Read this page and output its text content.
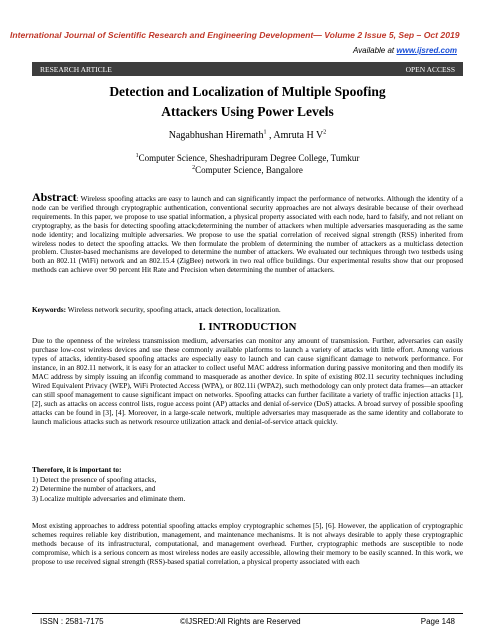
International Journal of Scientific Research and Engineering Development— Volume 2 Issue 5, Sep – Oct 2019
Available at www.ijsred.com
RESEARCH ARTICLE	OPEN ACCESS
Detection and Localization of Multiple Spoofing
Attackers Using Power Levels
Nagabhushan Hiremath$^1$ , Amruta H $V^2$
$^1$Computer Science, Sheshadripuram Degree College, Tumkur
$^2$Computer Science, Bangalore
Abstract: Wireless spoofing attacks are easy to launch and can significantly impact the performance of networks. Although the identity of a node can be verified through cryptographic authentication, conventional security approaches are not always desirable because of their overhead requirements. In this paper, we propose to use spatial information, a physical property associated with each node, hard to falsify, and not reliant on cryptography, as the basis for detecting spoofing attack;determining the number of attackers when multiple adversaries masquerading as the same node identity; and localizing multiple adversaries. We propose to use the spatial correlation of received signal strength (RSS) inherited from wireless nodes to detect the spoofing attacks. We then formulate the problem of determining the number of attackers as a multiclass detection problem. Cluster-based mechanisms are developed to determine the number of attackers. We evaluated our techniques through two testbeds using both an 802.11 (WiFi) network and an 802.15.4 (ZigBee) network in two real office buildings. Our experimental results show that our proposed methods can achieve over 90 percent Hit Rate and Precision when determining the number of attackers.
Keywords: Wireless network security, spoofing attack, attack detection, localization.
I. INTRODUCTION
Due to the openness of the wireless transmission medium, adversaries can monitor any amount of transmission. Further, adversaries can easily purchase low-cost wireless devices and use these commonly available platforms to launch a variety of attacks with little effort. Among various types of attacks, identity-based spoofing attacks are especially easy to launch and can cause significant damage to network performance. For instance, in an 802.11 network, it is easy for an attacker to collect useful MAC address information during passive monitoring and then modify its MAC address by simply issuing an ifconfig command to masquerade as another device. In spite of existing 802.11 security techniques including Wired Equivalent Privacy (WEP), WiFi Protected Access (WPA), or 802.11i (WPA2), such methodology can only protect data frames—an attacker can still spoof management to cause significant impact on networks. Spoofing attacks can further facilitate a variety of traffic injection attacks [1], [2], such as attacks on access control lists, rogue access point (AP) attacks and denial of-service (DoS) attacks. A broad survey of possible spoofing attacks can be found in [3], [4]. Moreover, in a large-scale network, multiple adversaries may masquerade as the same identity and collaborate to launch malicious attacks such as network resource utilization attack and denial-of-service attack quickly.
Therefore, it is important to:
1) Detect the presence of spoofing attacks,
2) Determine the number of attackers, and
3) Localize multiple adversaries and eliminate them.
Most existing approaches to address potential spoofing attacks employ cryptographic schemes [5], [6]. However, the application of cryptographic schemes requires reliable key distribution, management, and maintenance mechanisms. It is not always desirable to apply these cryptographic methods because of its infrastructural, computational, and management overhead. Further, cryptographic methods are susceptible to node compromise, which is a serious concern as most wireless nodes are easily accessible, allowing their memory to be easily scanned. In this work, we propose to use received signal strength (RSS)-based spatial correlation, a physical property associated with each
ISSN : 2581-7175	©IJSRED:All Rights are Reserved	Page 148
